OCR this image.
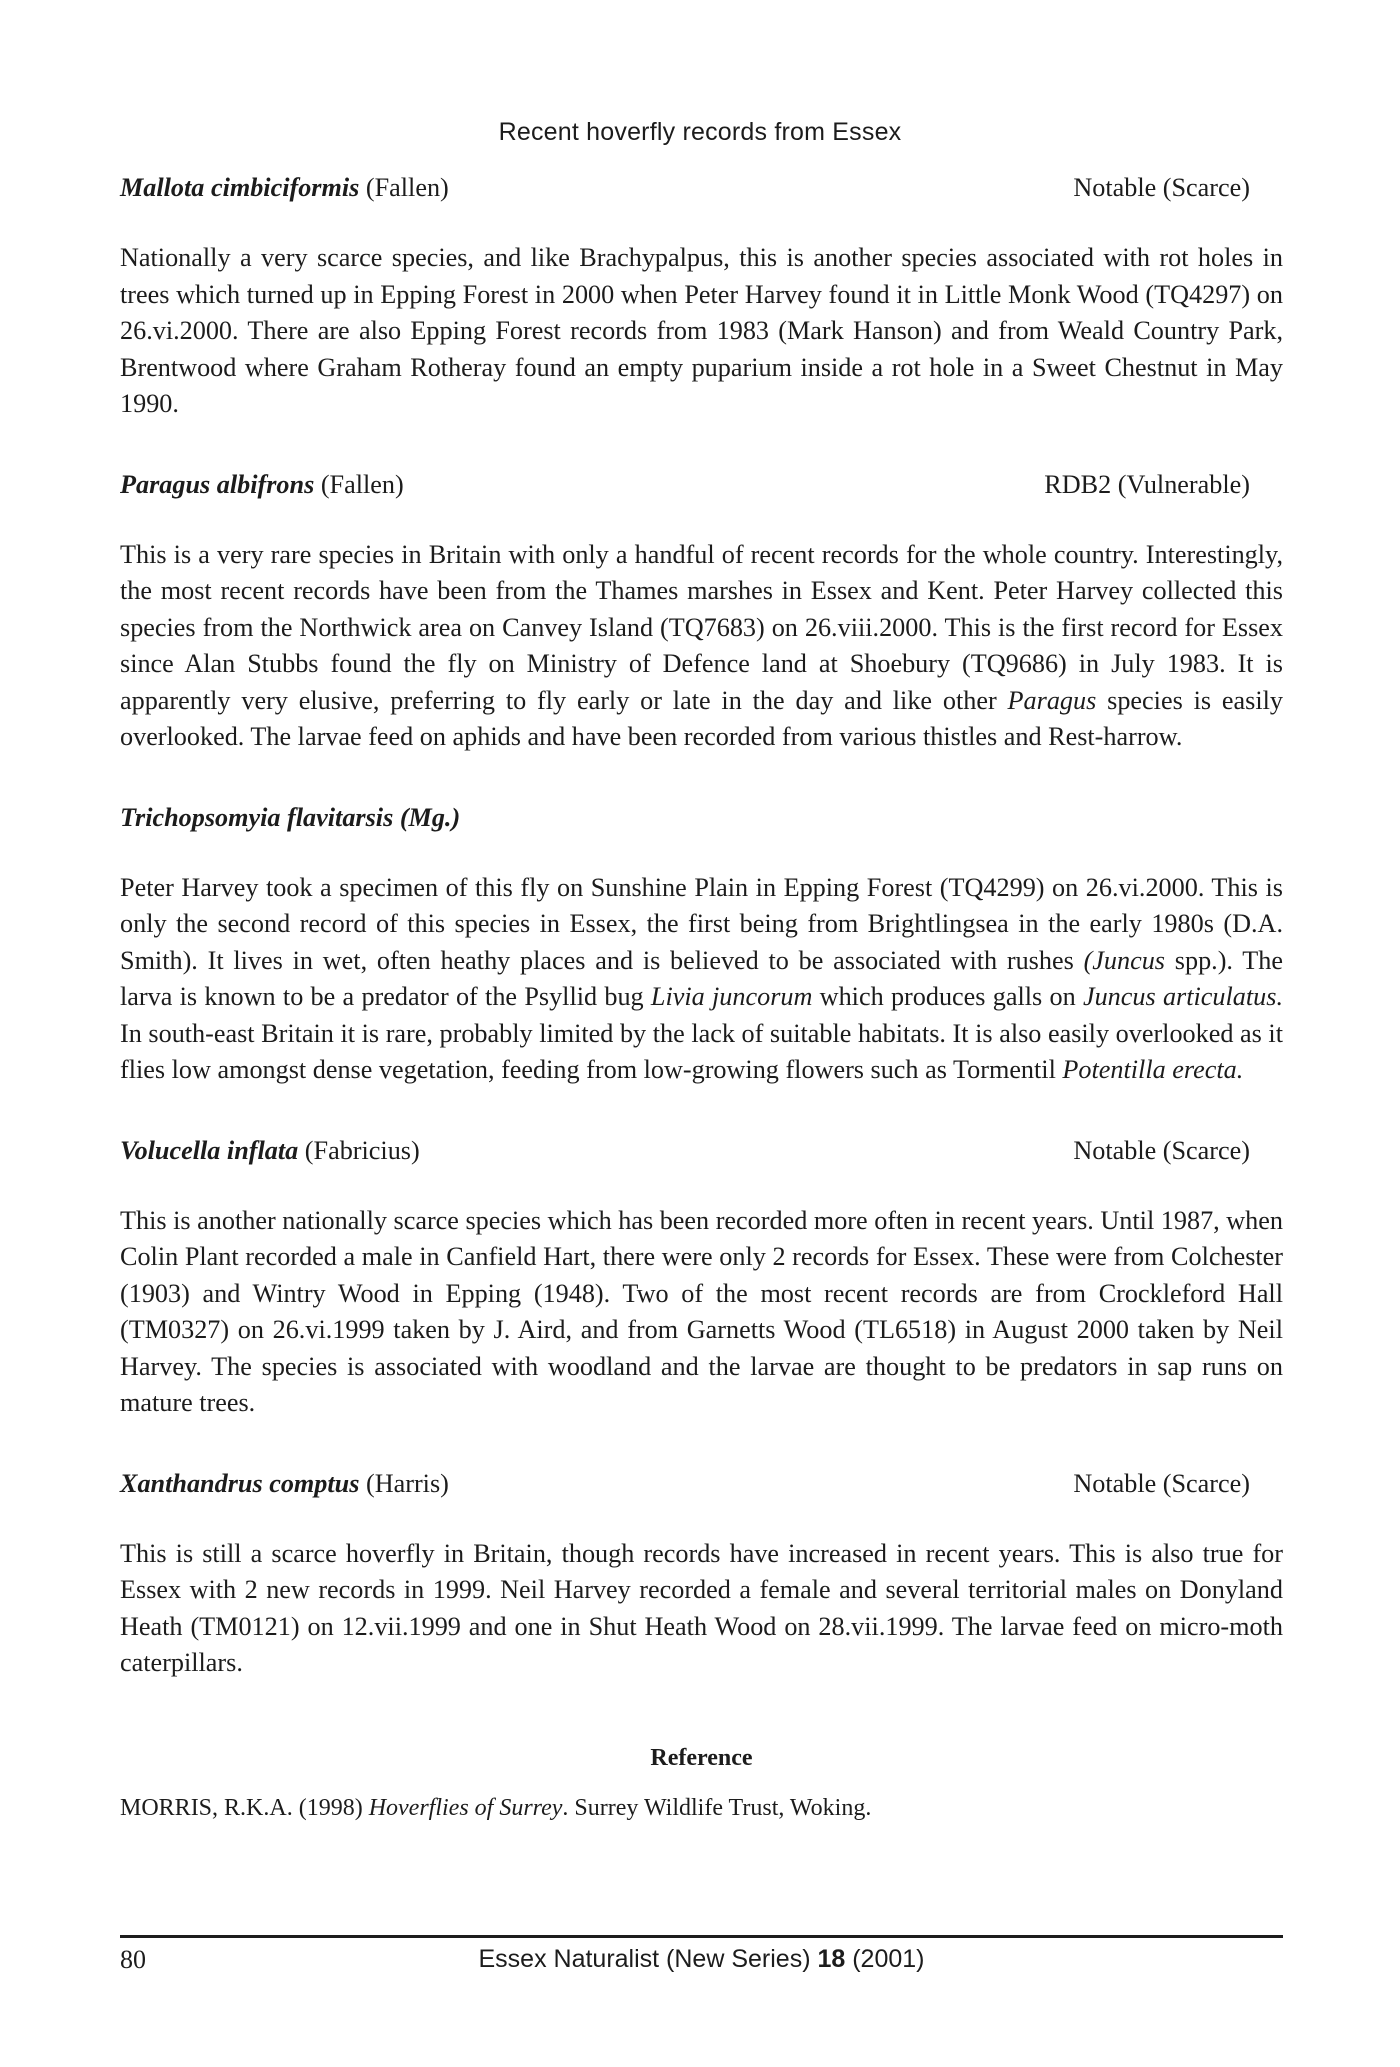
Recent hoverfly records from Essex
Mallota cimbiciformis (Fallen)	Notable (Scarce)

Nationally a very scarce species, and like Brachypalpus, this is another species associated with rot holes in trees which turned up in Epping Forest in 2000 when Peter Harvey found it in Little Monk Wood (TQ4297) on 26.vi.2000. There are also Epping Forest records from 1983 (Mark Hanson) and from Weald Country Park, Brentwood where Graham Rotheray found an empty puparium inside a rot hole in a Sweet Chestnut in May 1990.

Paragus albifrons (Fallen)	RDB2 (Vulnerable)

This is a very rare species in Britain with only a handful of recent records for the whole country. Interestingly, the most recent records have been from the Thames marshes in Essex and Kent. Peter Harvey collected this species from the Northwick area on Canvey Island (TQ7683) on 26.viii.2000. This is the first record for Essex since Alan Stubbs found the fly on Ministry of Defence land at Shoebury (TQ9686) in July 1983. It is apparently very elusive, preferring to fly early or late in the day and like other Paragus species is easily overlooked. The larvae feed on aphids and have been recorded from various thistles and Rest-harrow.

Trichopsomyia flavitarsis (Mg.)

Peter Harvey took a specimen of this fly on Sunshine Plain in Epping Forest (TQ4299) on 26.vi.2000. This is only the second record of this species in Essex, the first being from Brightlingsea in the early 1980s (D.A. Smith). It lives in wet, often heathy places and is believed to be associated with rushes (Juncus spp.). The larva is known to be a predator of the Psyllid bug Livia juncorum which produces galls on Juncus articulatus. In south-east Britain it is rare, probably limited by the lack of suitable habitats. It is also easily overlooked as it flies low amongst dense vegetation, feeding from low-growing flowers such as Tormentil Potentilla erecta.

Volucella inflata (Fabricius)	Notable (Scarce)

This is another nationally scarce species which has been recorded more often in recent years. Until 1987, when Colin Plant recorded a male in Canfield Hart, there were only 2 records for Essex. These were from Colchester (1903) and Wintry Wood in Epping (1948). Two of the most recent records are from Crockleford Hall (TM0327) on 26.vi.1999 taken by J. Aird, and from Garnetts Wood (TL6518) in August 2000 taken by Neil Harvey. The species is associated with woodland and the larvae are thought to be predators in sap runs on mature trees.

Xanthandrus comptus (Harris)	Notable (Scarce)

This is still a scarce hoverfly in Britain, though records have increased in recent years. This is also true for Essex with 2 new records in 1999. Neil Harvey recorded a female and several territorial males on Donyland Heath (TM0121) on 12.vii.1999 and one in Shut Heath Wood on 28.vii.1999. The larvae feed on micro-moth caterpillars.

Reference
MORRIS, R.K.A. (1998) Hoverflies of Surrey. Surrey Wildlife Trust, Woking.
80	Essex Naturalist (New Series) 18 (2001)
